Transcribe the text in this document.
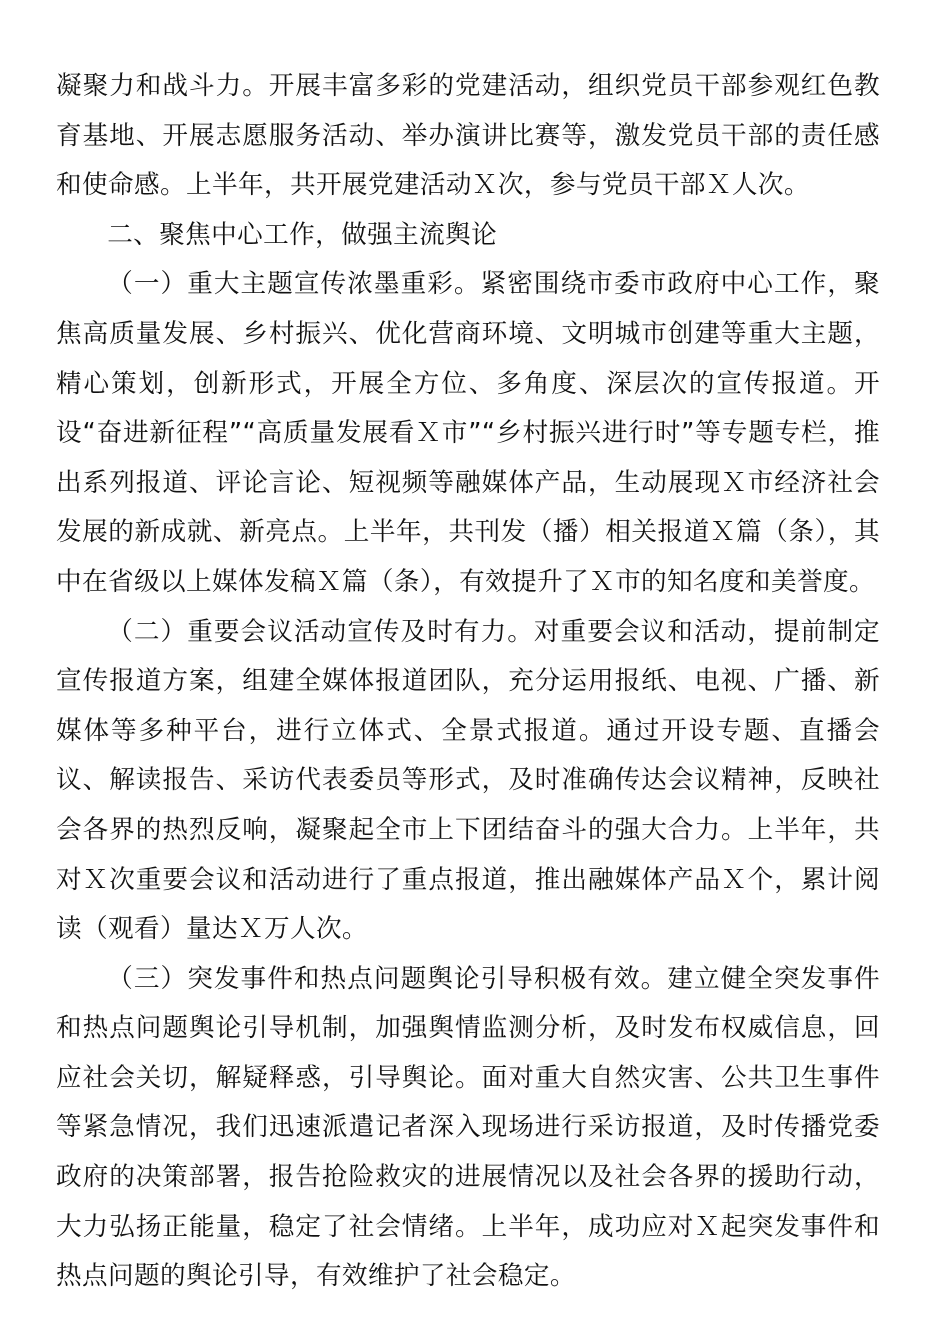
凝聚力和战斗力。开展丰富多彩的党建活动，组织党员干部参观红色教育基地、开展志愿服务活动、举办演讲比赛等，激发党员干部的责任感和使命感。上半年，共开展党建活动Ｘ次，参与党员干部Ｘ人次。

二、聚焦中心工作，做强主流舆论

（一）重大主题宣传浓墨重彩。紧密围绕市委市政府中心工作，聚焦高质量发展、乡村振兴、优化营商环境、文明城市创建等重大主题，精心策划，创新形式，开展全方位、多角度、深层次的宣传报道。开设“奋进新征程”“高质量发展看Ｘ市”“乡村振兴进行时”等专题专栏，推出系列报道、评论言论、短视频等融媒体产品，生动展现Ｘ市经济社会发展的新成就、新亮点。上半年，共刊发（播）相关报道Ｘ篇（条），其中在省级以上媒体发稿Ｘ篇（条），有效提升了Ｘ市的知名度和美誉度。

（二）重要会议活动宣传及时有力。对重要会议和活动，提前制定宣传报道方案，组建全媒体报道团队，充分运用报纸、电视、广播、新媒体等多种平台，进行立体式、全景式报道。通过开设专题、直播会议、解读报告、采访代表委员等形式，及时准确传达会议精神，反映社会各界的热烈反响，凝聚起全市上下团结奋斗的强大合力。上半年，共对Ｘ次重要会议和活动进行了重点报道，推出融媒体产品Ｘ个，累计阅读（观看）量达Ｘ万人次。

（三）突发事件和热点问题舆论引导积极有效。建立健全突发事件和热点问题舆论引导机制，加强舆情监测分析，及时发布权威信息，回应社会关切，解疑释惑，引导舆论。面对重大自然灾害、公共卫生事件等紧急情况，我们迅速派遣记者深入现场进行采访报道，及时传播党委政府的决策部署，报告抢险救灾的进展情况以及社会各界的援助行动，大力弘扬正能量，稳定了社会情绪。上半年，成功应对Ｘ起突发事件和热点问题的舆论引导，有效维护了社会稳定。
